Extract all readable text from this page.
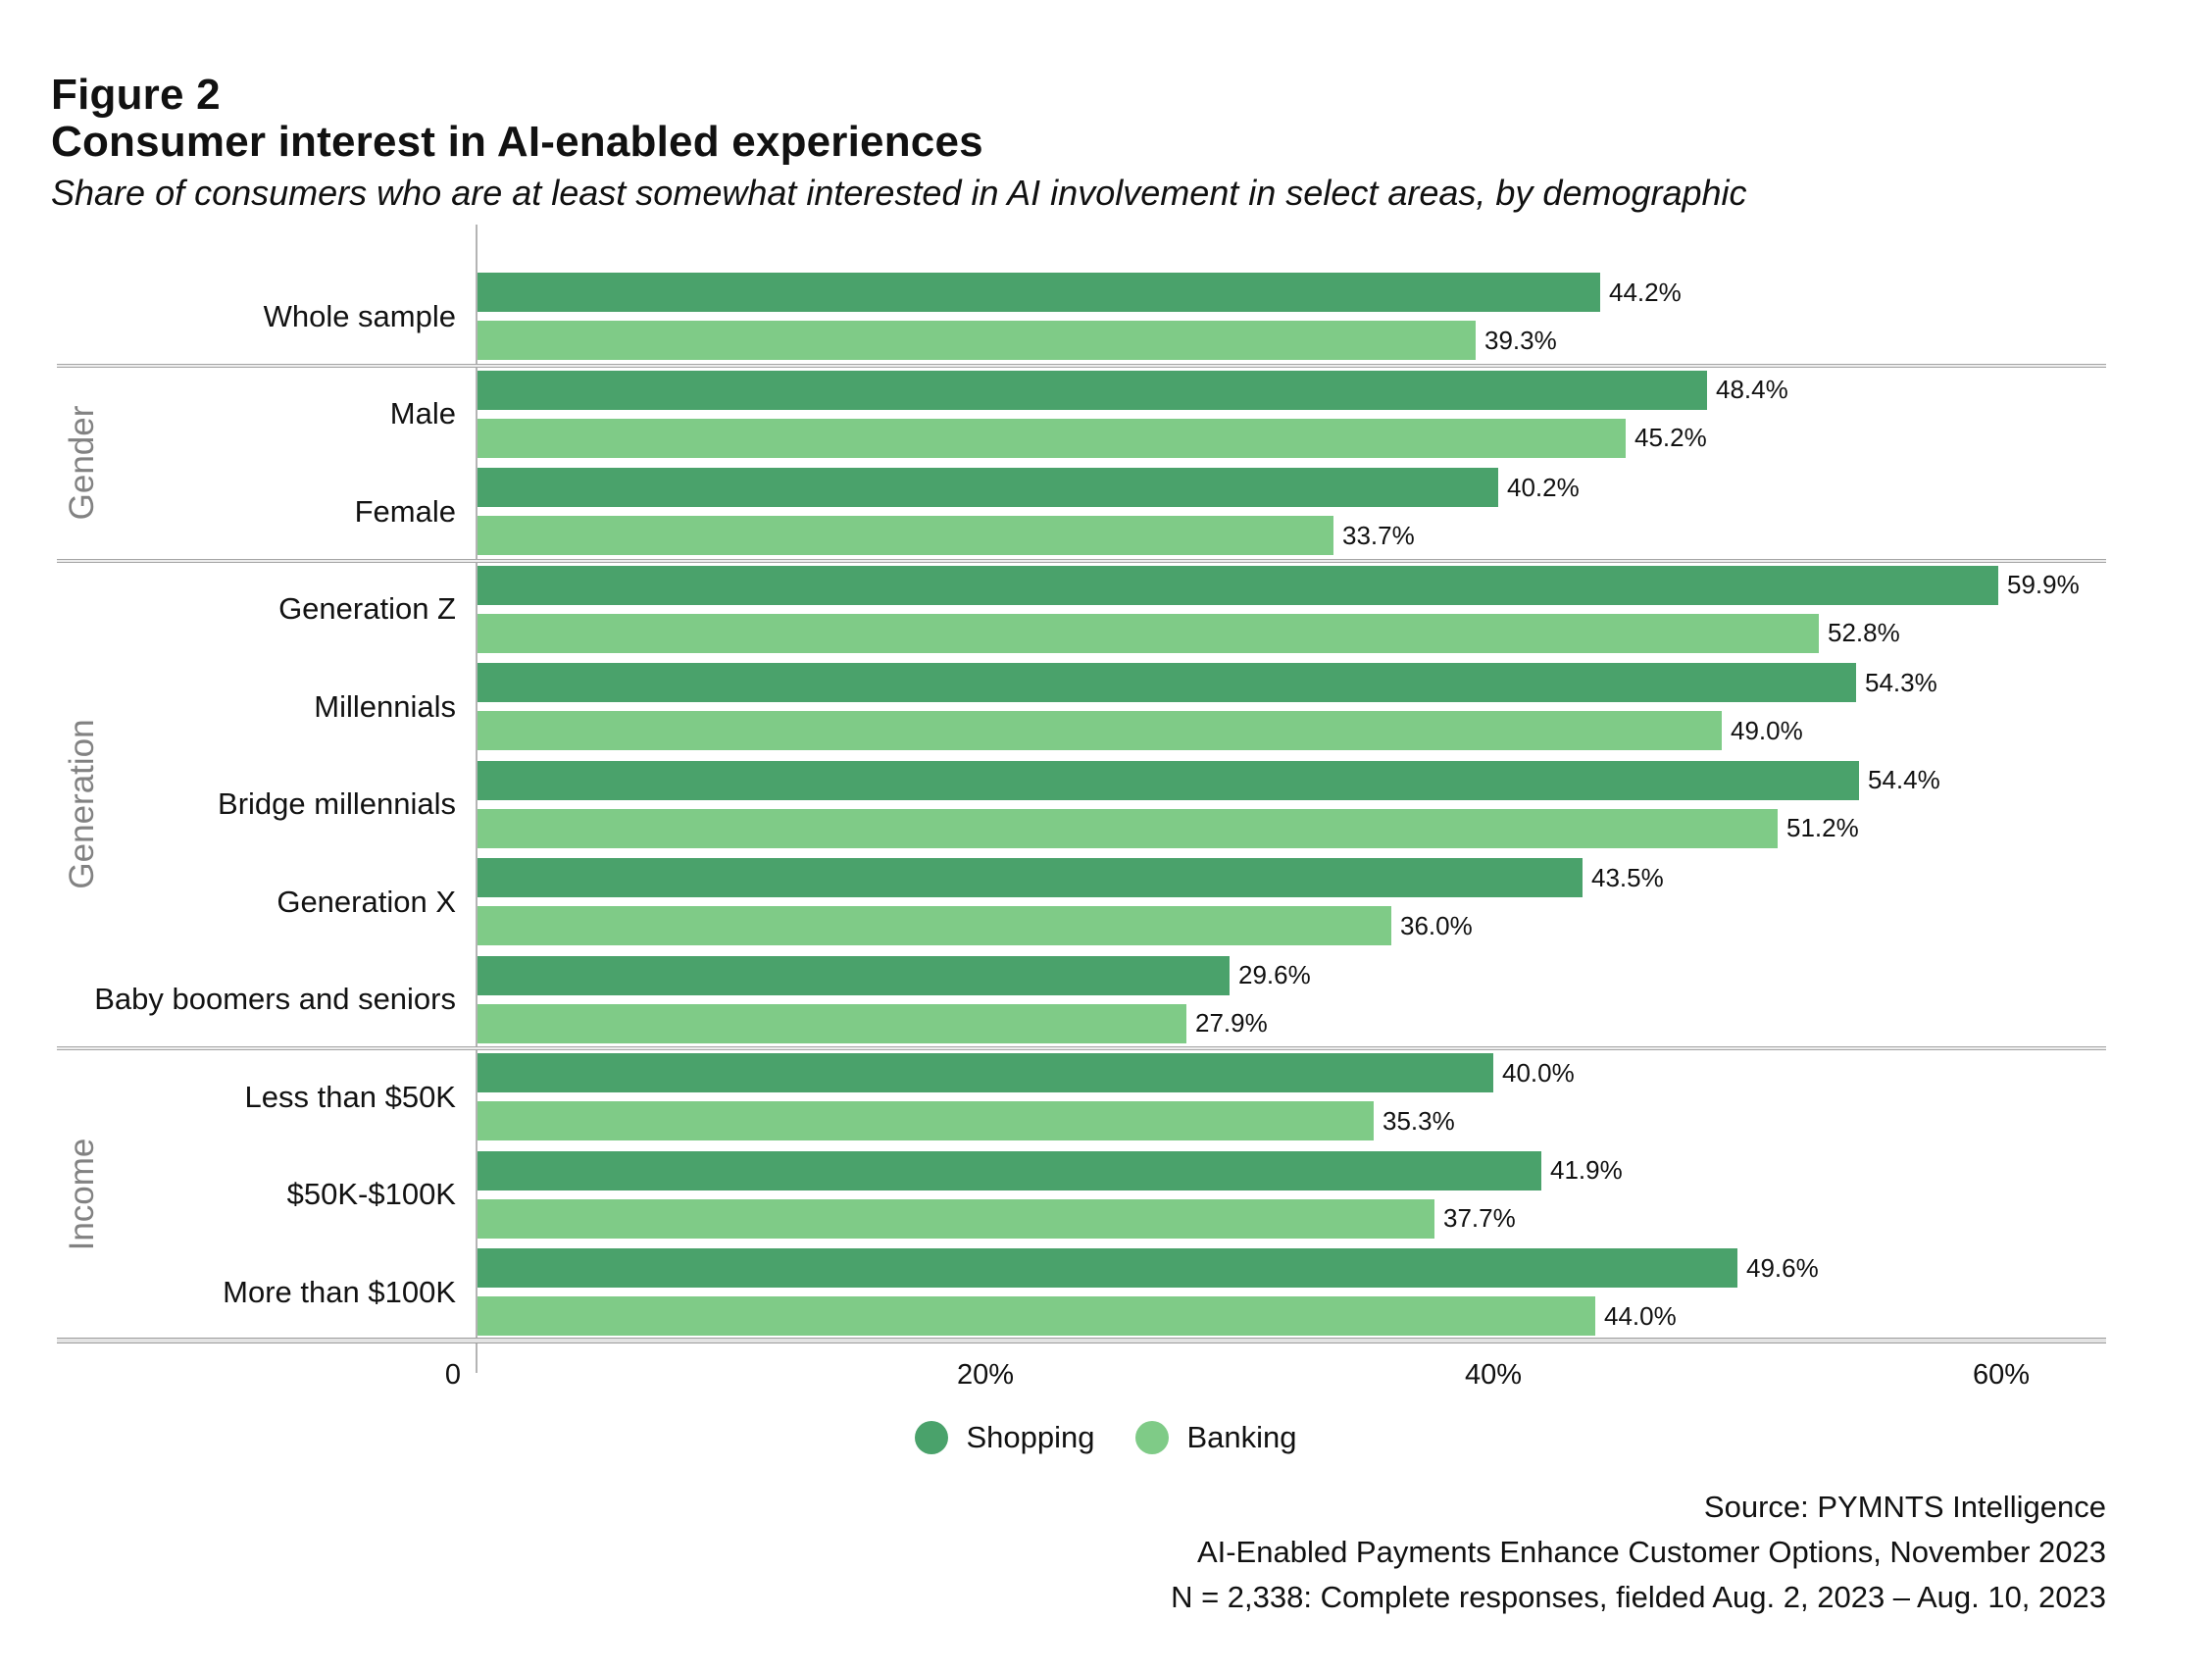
Figure 2
Consumer interest in AI-enabled experiences
Share of consumers who are at least somewhat interested in AI involvement in select areas, by demographic
Whole sample
44.2%
39.3%
Male
48.4%
45.2%
Female
40.2%
33.7%
Gender
Generation Z
59.9%
52.8%
Millennials
54.3%
49.0%
Bridge millennials
54.4%
51.2%
Generation X
43.5%
36.0%
Baby boomers and seniors
29.6%
27.9%
Generation
Less than $50K
40.0%
35.3%
$50K-$100K
41.9%
37.7%
More than $100K
49.6%
44.0%
Income
0	20%	40%	60%
Shopping	Banking
Source: PYMNTS Intelligence
AI-Enabled Payments Enhance Customer Options, November 2023
N = 2,338: Complete responses, fielded Aug. 2, 2023 – Aug. 10, 2023
